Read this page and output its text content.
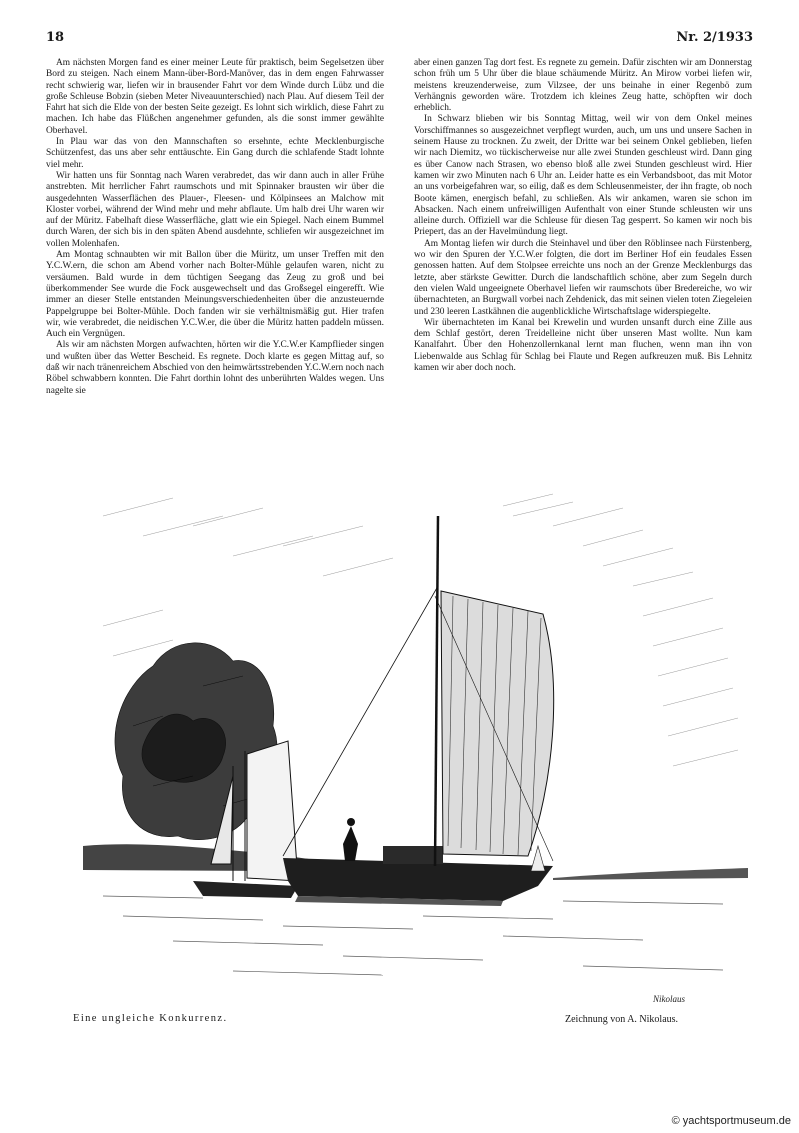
18	Nr. 2/1933

Am nächsten Morgen fand es einer meiner Leute für praktisch, beim Segelsetzen über Bord zu steigen. Nach einem Mann-über-Bord-Manöver, das in dem engen Fahrwasser recht schwierig war, liefen wir in brausender Fahrt vor dem Winde durch Lübz und die große Schleuse Bobzin (sieben Meter Niveauunterschied) nach Plau. Auf diesem Teil der Fahrt hat sich die Elde von der besten Seite gezeigt. Es lohnt sich wirklich, diese Fahrt zu machen. Ich habe das Flüßchen angenehmer gefunden, als die sonst immer gewählte Oberhavel.

In Plau war das von den Mannschaften so ersehnte, echte Mecklenburgische Schützenfest, das uns aber sehr enttäuschte. Ein Gang durch die schlafende Stadt lohnte viel mehr.

Wir hatten uns für Sonntag nach Waren verabredet, das wir dann auch in aller Frühe anstrebten. Mit herrlicher Fahrt raumschots und mit Spinnaker brausten wir über die ausgedehnten Wasserflächen des Plauer-, Fleesen- und Kölpinsees an Malchow mit Kloster vorbei, während der Wind mehr und mehr abflaute. Um halb drei Uhr waren wir auf der Müritz. Fabelhaft diese Wasserfläche, glatt wie ein Spiegel. Nach einem Bummel durch Waren, der sich bis in den späten Abend ausdehnte, schliefen wir ausgezeichnet im vollen Molenhafen.

Am Montag schnaubten wir mit Ballon über die Müritz, um unser Treffen mit den Y.C.W.ern, die schon am Abend vorher nach Bolter-Mühle gelaufen waren, nicht zu versäumen. Bald wurde in dem tüchtigen Seegang das Zeug zu groß und bei überkommender See wurde die Fock ausgewechselt und das Großsegel eingerefft. Wie immer an dieser Stelle entstanden Meinungsverschiedenheiten über die anzusteuernde Pappelgruppe bei Bolter-Mühle. Doch fanden wir sie verhältnismäßig gut. Hier trafen wir, wie verabredet, die neidischen Y.C.W.er, die über die Müritz hatten paddeln müssen. Auch ein Vergnügen.

Als wir am nächsten Morgen aufwachten, hörten wir die Y.C.W.er Kampflieder singen und wußten über das Wetter Bescheid. Es regnete. Doch klarte es gegen Mittag auf, so daß wir nach tränenreichem Abschied von den heimwärtsstrebenden Y.C.W.ern noch nach Röbel schwabbern konnten. Die Fahrt dorthin lohnt des unberührten Waldes wegen. Uns nagelte sie

aber einen ganzen Tag dort fest. Es regnete zu gemein. Dafür zischten wir am Donnerstag schon früh um 5 Uhr über die blaue schäumende Müritz. An Mirow vorbei liefen wir, meistens kreuzenderweise, zum Vilzsee, der uns beinahe in einer Regenbö zum Verhängnis geworden wäre. Trotzdem ich kleines Zeug hatte, schöpften wir doch erheblich.

In Schwarz blieben wir bis Sonntag Mittag, weil wir von dem Onkel meines Vorschiffmannes so ausgezeichnet verpflegt wurden, auch, um uns und unsere Sachen in seinem Hause zu trocknen. Zu zweit, der Dritte war bei seinem Onkel geblieben, liefen wir nach Diemitz, wo tückischerweise nur alle zwei Stunden geschleust wird. Dann ging es über Canow nach Strasen, wo ebenso bloß alle zwei Stunden geschleust wird. Hier kamen wir zwo Minuten nach 6 Uhr an. Leider hatte es ein Verbandsboot, das mit Motor an uns vorbeigefahren war, so eilig, daß es dem Schleusenmeister, der ihn fragte, ob noch Boote kämen, energisch befahl, zu schließen. Als wir ankamen, waren sie schon im Absacken. Nach einem unfreiwilligen Aufenthalt von einer Stunde schleusten wir uns alleine durch. Offiziell war die Schleuse für diesen Tag gesperrt. So kamen wir noch bis Priepert, das an der Havelmündung liegt.

Am Montag liefen wir durch die Steinhavel und über den Röblinsee nach Fürstenberg, wo wir den Spuren der Y.C.W.er folgten, die dort im Berliner Hof ein feudales Essen genossen hatten. Auf dem Stolpsee erreichte uns noch an der Grenze Mecklenburgs das letzte, aber stärkste Gewitter. Durch die landschaftlich schöne, aber zum Segeln durch den vielen Wald ungeeignete Oberhavel liefen wir raumschots über Bredereiche, wo wir übernachteten, an Burgwall vorbei nach Zehdenick, das mit seinen vielen toten Ziegeleien und 230 leeren Lastkähnen die augenblickliche Wirtschaftslage widerspiegelte.

Wir übernachteten im Kanal bei Krewelin und wurden unsanft durch eine Zille aus dem Schlaf gestört, deren Treidelleine nicht über unseren Mast wollte. Nun kam Kanalfahrt. Über den Hohenzollernkanal lernt man fluchen, wenn man ihn von Liebenwalde aus Schlag für Schlag bei Flaute und Regen aufkreuzen muß. Bis Lehnitz kamen wir aber doch noch.

Nikolaus
Eine ungleiche Konkurrenz.	Zeichnung von A. Nikolaus.
© yachtsportmuseum.de
